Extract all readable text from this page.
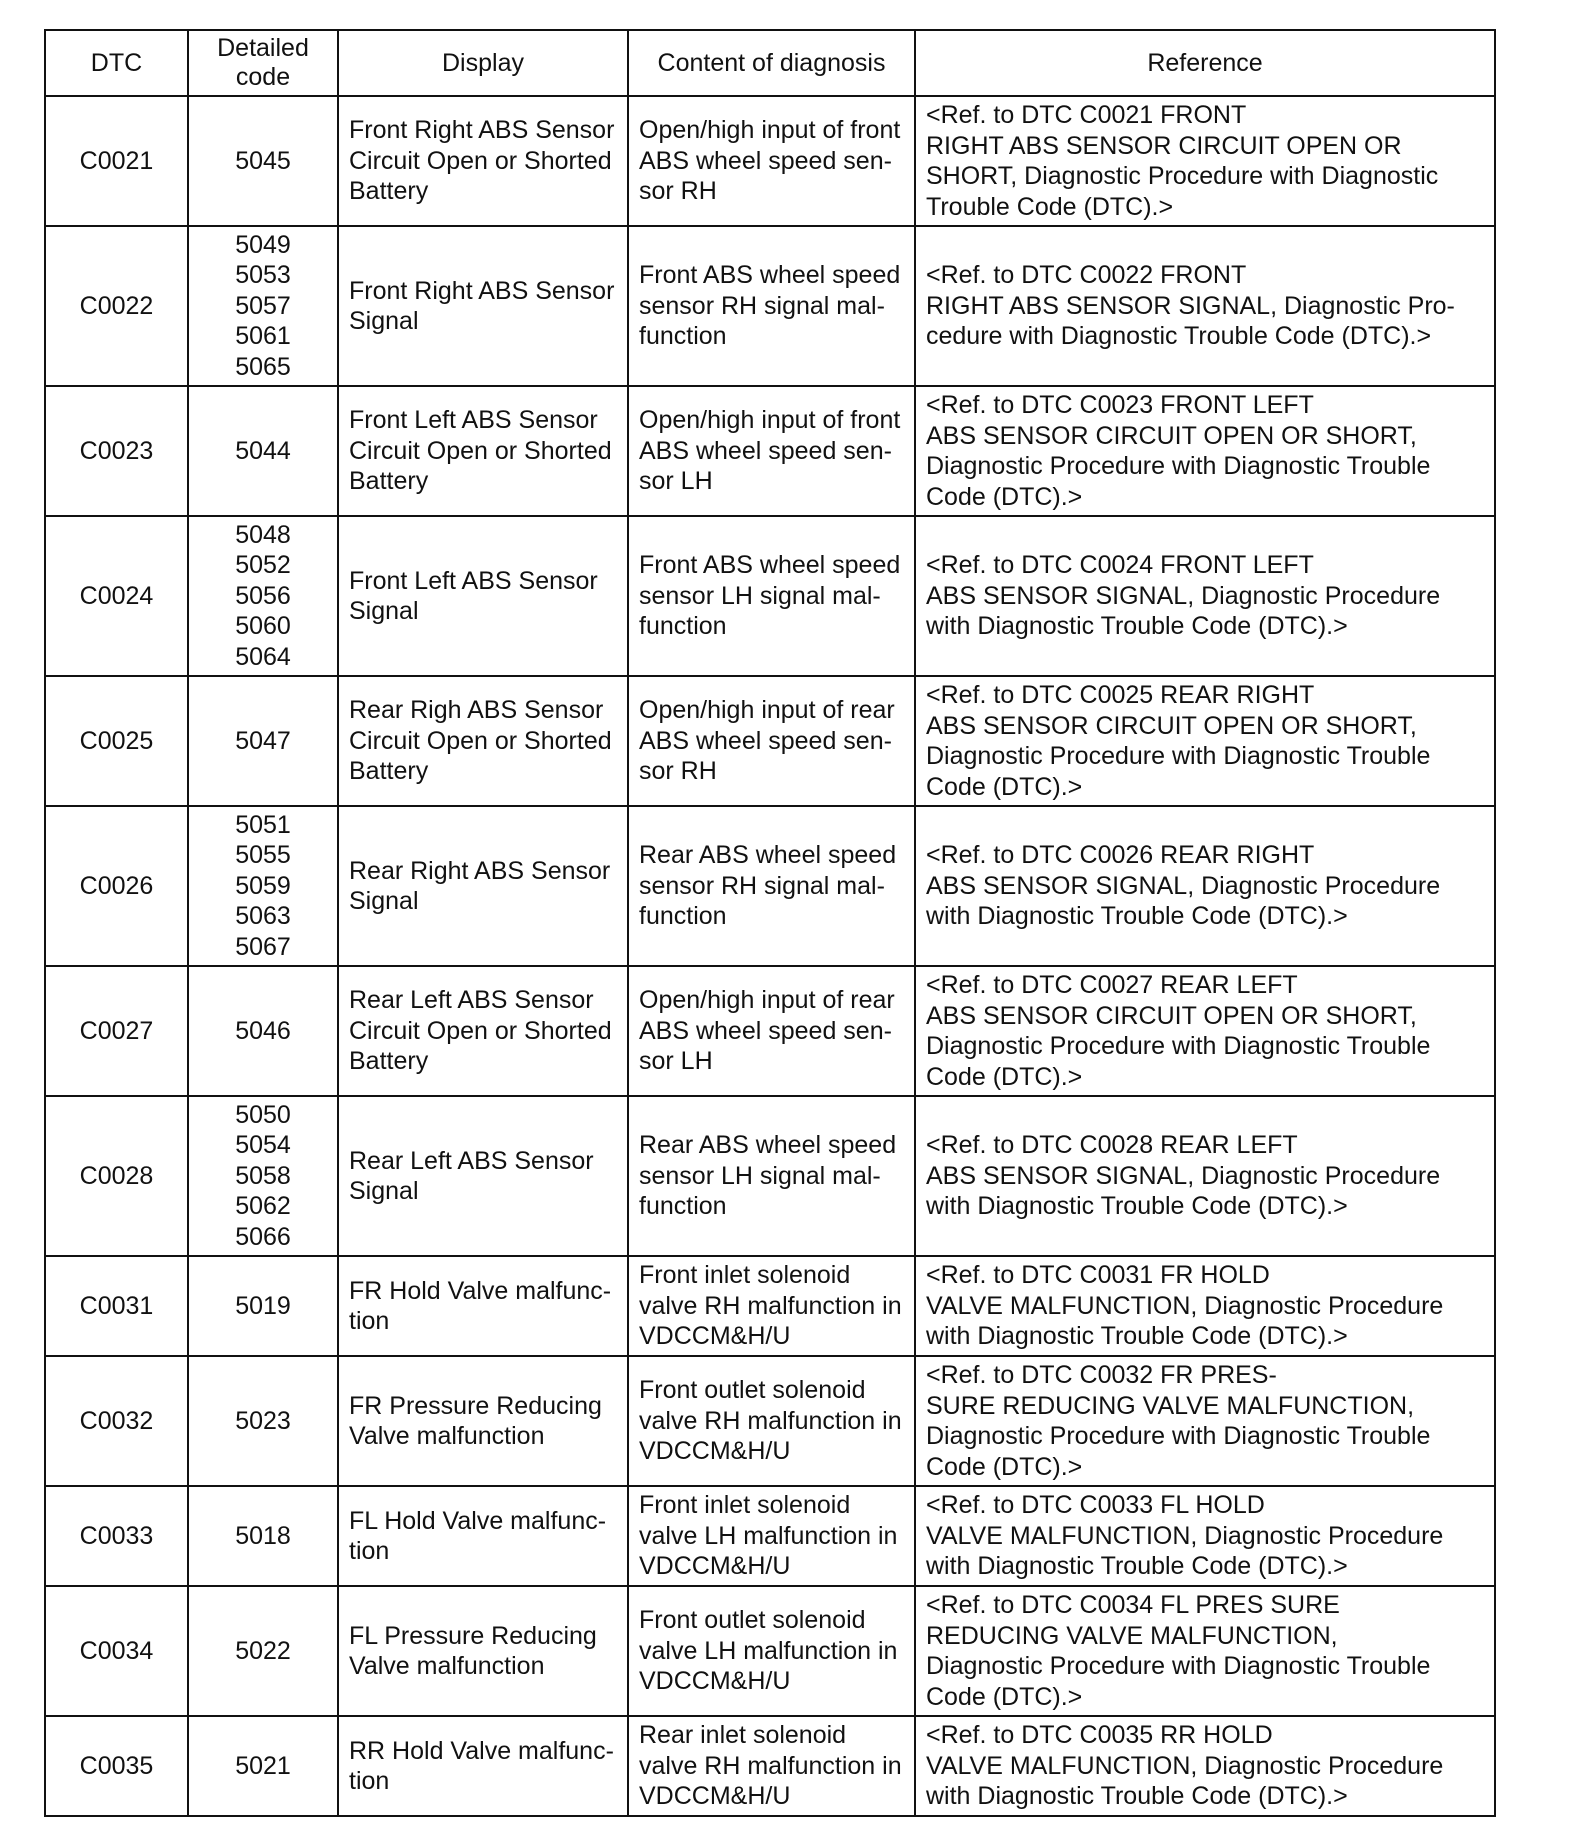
DTC	Detailed
code	Display	Content of diagnosis	Reference
C0021	5045	Front Right ABS Sensor
Circuit Open or Shorted
Battery	Open/high input of front
ABS wheel speed sen-
sor RH	<Ref. to DTC C0021 FRONT
RIGHT ABS SENSOR CIRCUIT OPEN OR
SHORT, Diagnostic Procedure with Diagnostic
Trouble Code (DTC).>

C0022	5049
5053
5057
5061
5065	Front Right ABS Sensor
Signal	Front ABS wheel speed
sensor RH signal mal-
function	<Ref. to DTC C0022 FRONT
RIGHT ABS SENSOR SIGNAL, Diagnostic Pro-
cedure with Diagnostic Trouble Code (DTC).>

C0023	5044	Front Left ABS Sensor
Circuit Open or Shorted
Battery	Open/high input of front
ABS wheel speed sen-
sor LH	<Ref. to DTC C0023 FRONT LEFT
ABS SENSOR CIRCUIT OPEN OR SHORT,
Diagnostic Procedure with Diagnostic Trouble
Code (DTC).>

C0024	5048
5052
5056
5060
5064	Front Left ABS Sensor
Signal	Front ABS wheel speed
sensor LH signal mal-
function	<Ref. to DTC C0024 FRONT LEFT
ABS SENSOR SIGNAL, Diagnostic Procedure
with Diagnostic Trouble Code (DTC).>

C0025	5047	Rear Righ ABS Sensor
Circuit Open or Shorted
Battery	Open/high input of rear
ABS wheel speed sen-
sor RH	<Ref. to DTC C0025 REAR RIGHT
ABS SENSOR CIRCUIT OPEN OR SHORT,
Diagnostic Procedure with Diagnostic Trouble
Code (DTC).>

C0026	5051
5055
5059
5063
5067	Rear Right ABS Sensor
Signal	Rear ABS wheel speed
sensor RH signal mal-
function	<Ref. to DTC C0026 REAR RIGHT
ABS SENSOR SIGNAL, Diagnostic Procedure
with Diagnostic Trouble Code (DTC).>

C0027	5046	Rear Left ABS Sensor
Circuit Open or Shorted
Battery	Open/high input of rear
ABS wheel speed sen-
sor LH	<Ref. to DTC C0027 REAR LEFT
ABS SENSOR CIRCUIT OPEN OR SHORT,
Diagnostic Procedure with Diagnostic Trouble
Code (DTC).>

C0028	5050
5054
5058
5062
5066	Rear Left ABS Sensor
Signal	Rear ABS wheel speed
sensor LH signal mal-
function	<Ref. to DTC C0028 REAR LEFT
ABS SENSOR SIGNAL, Diagnostic Procedure
with Diagnostic Trouble Code (DTC).>

C0031	5019	FR Hold Valve malfunc-
tion	Front inlet solenoid
valve RH malfunction in
VDCCM&H/U	<Ref. to DTC C0031 FR HOLD
VALVE MALFUNCTION, Diagnostic Procedure
with Diagnostic Trouble Code (DTC).>

C0032	5023	FR Pressure Reducing
Valve malfunction	Front outlet solenoid
valve RH malfunction in
VDCCM&H/U	<Ref. to DTC C0032 FR PRES-
SURE REDUCING VALVE MALFUNCTION,
Diagnostic Procedure with Diagnostic Trouble
Code (DTC).>

C0033	5018	FL Hold Valve malfunc-
tion	Front inlet solenoid
valve LH malfunction in
VDCCM&H/U	<Ref. to DTC C0033 FL HOLD
VALVE MALFUNCTION, Diagnostic Procedure
with Diagnostic Trouble Code (DTC).>

C0034	5022	FL Pressure Reducing
Valve malfunction	Front outlet solenoid
valve LH malfunction in
VDCCM&H/U	<Ref. to DTC C0034 FL PRES SURE
REDUCING VALVE MALFUNCTION,
Diagnostic Procedure with Diagnostic Trouble
Code (DTC).>

C0035	5021	RR Hold Valve malfunc-
tion	Rear inlet solenoid
valve RH malfunction in
VDCCM&H/U	<Ref. to DTC C0035 RR HOLD
VALVE MALFUNCTION, Diagnostic Procedure
with Diagnostic Trouble Code (DTC).>
